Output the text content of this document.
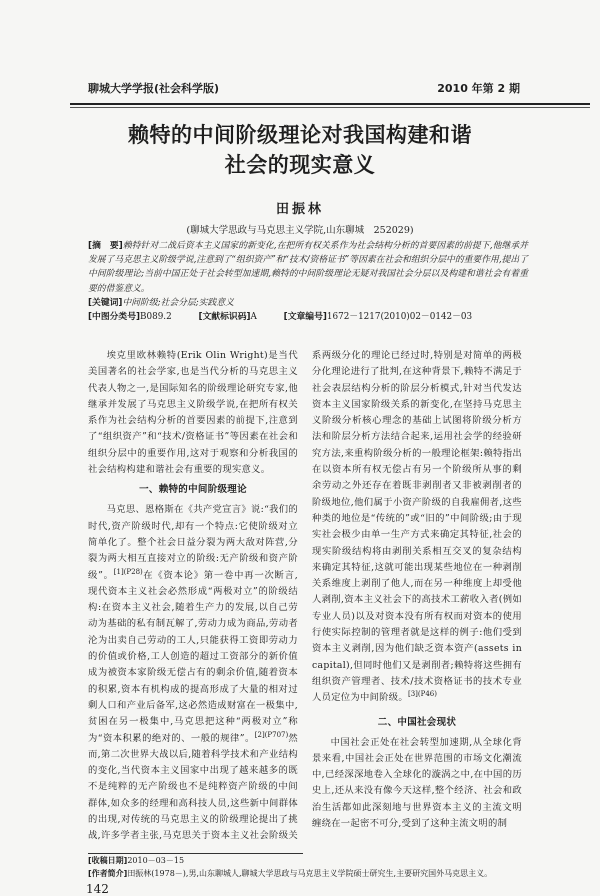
聊城大学学报(社会科学版)	2010 年第 2 期
赖特的中间阶级理论对我国构建和谐
社会的现实意义
田振林
(聊城大学思政与马克思主义学院,山东聊城　252029)
[摘　要]赖特针对二战后资本主义国家的新变化,在把所有权关系作为社会结构分析的首要因素的前提下,他继承并发展了马克思主义阶级学说,注意到了“组织资产”和“技术/资格证书”等因素在社会和组织分层中的重要作用,提出了中间阶级理论;当前中国正处于社会转型加速期,赖特的中间阶级理论无疑对我国社会分层以及构建和谐社会有着重要的借鉴意义。
[关键词]中间阶级;社会分层;实践意义
[中图分类号]B089.2	[文献标识码]A	[文章编号]1672－1217(2010)02－0142－03

埃克里欧林赖特(Erik Olin Wright)是当代美国著名的社会学家,也是当代分析的马克思主义代表人物之一,是国际知名的阶级理论研究专家,他继承并发展了马克思主义阶级学说,在把所有权关系作为社会结构分析的首要因素的前提下,注意到了“组织资产”和“技术/资格证书”等因素在社会和组织分层中的重要作用,这对于观察和分析我国的社会结构构建和谐社会有重要的现实意义。

一、赖特的中间阶级理论

马克思、恩格斯在《共产党宣言》说:“我们的时代,资产阶级时代,却有一个特点:它使阶级对立简单化了。整个社会日益分裂为两大敌对阵营,分裂为两大相互直接对立的阶级:无产阶级和资产阶级”。$^{[1](P28)}$在《资本论》第一卷中再一次断言,现代资本主义社会必然形成“两极对立”的阶级结构:在资本主义社会,随着生产力的发展,以自己劳动为基础的私有制瓦解了,劳动力成为商品,劳动者沦为出卖自己劳动的工人,只能获得工资即劳动力的价值或价格,工人创造的超过工资部分的新价值成为被资本家阶级无偿占有的剩余价值,随着资本的积累,资本有机构成的提高形成了大量的相对过剩人口和产业后备军,这必然造成财富在一极集中,贫困在另一极集中,马克思把这种“两极对立”称为“资本积累的绝对的、一般的规律”。$^{[2](P707)}$然而,第二次世界大战以后,随着科学技术和产业结构的变化,当代资本主义国家中出现了越来越多的既不是纯粹的无产阶级也不是纯粹资产阶级的中间群体,如众多的经理和高科技人员,这些新中间群体的出现,对传统的马克思主义的阶级理论提出了挑战,许多学者主张,马克思关于资本主义社会阶级关系两级分化的理论已经过时,特别是对简单的两极分化理论进行了批判,在这种背景下,赖特不满足于社会表层结构分析的阶层分析模式,针对当代发达资本主义国家阶级关系的新变化,在坚持马克思主义阶级分析核心理念的基础上试图将阶级分析方法和阶层分析方法结合起来,运用社会学的经验研究方法,来重构阶级分析的一般理论框架:赖特指出在以资本所有权无偿占有另一个阶级所从事的剩余劳动之外还存在着既非剥削者又非被剥削者的阶级地位,他们属于小资产阶级的自我雇佣者,这些种类的地位是“传统的”或“旧的”中间阶级;由于现实社会极少由单一生产方式来确定其特征,社会的现实阶级结构将由剥削关系相互交叉的复杂结构来确定其特征,这就可能出现某些地位在一种剥削关系维度上剥削了他人,而在另一种维度上却受他人剥削,资本主义社会下的高技术工薪收入者(例如专业人员)以及对资本没有所有权而对资本的使用行使实际控制的管理者就是这样的例子:他们受到资本主义剥削,因为他们缺乏资本资产(assets in capital),但同时他们又是剥削者;赖特将这些拥有组织资产管理者、技术/技术资格证书的技术专业人员定位为中间阶级。$^{[3](P46)}$

二、中国社会现状

中国社会正处在社会转型加速期,从全球化背景来看,中国社会正处在世界范围的市场文化潮流中,已经深深地卷入全球化的漩涡之中,在中国的历史上,还从来没有像今天这样,整个经济、社会和政治生活都如此深刻地与世界资本主义的主流文明缠绕在一起密不可分,受到了这种主流文明的制

[收稿日期]2010－03－15
[作者简介]田振林(1978－),男,山东聊城人,聊城大学思政与马克思主义学院硕士研究生,主要研究国外马克思主义。
142
